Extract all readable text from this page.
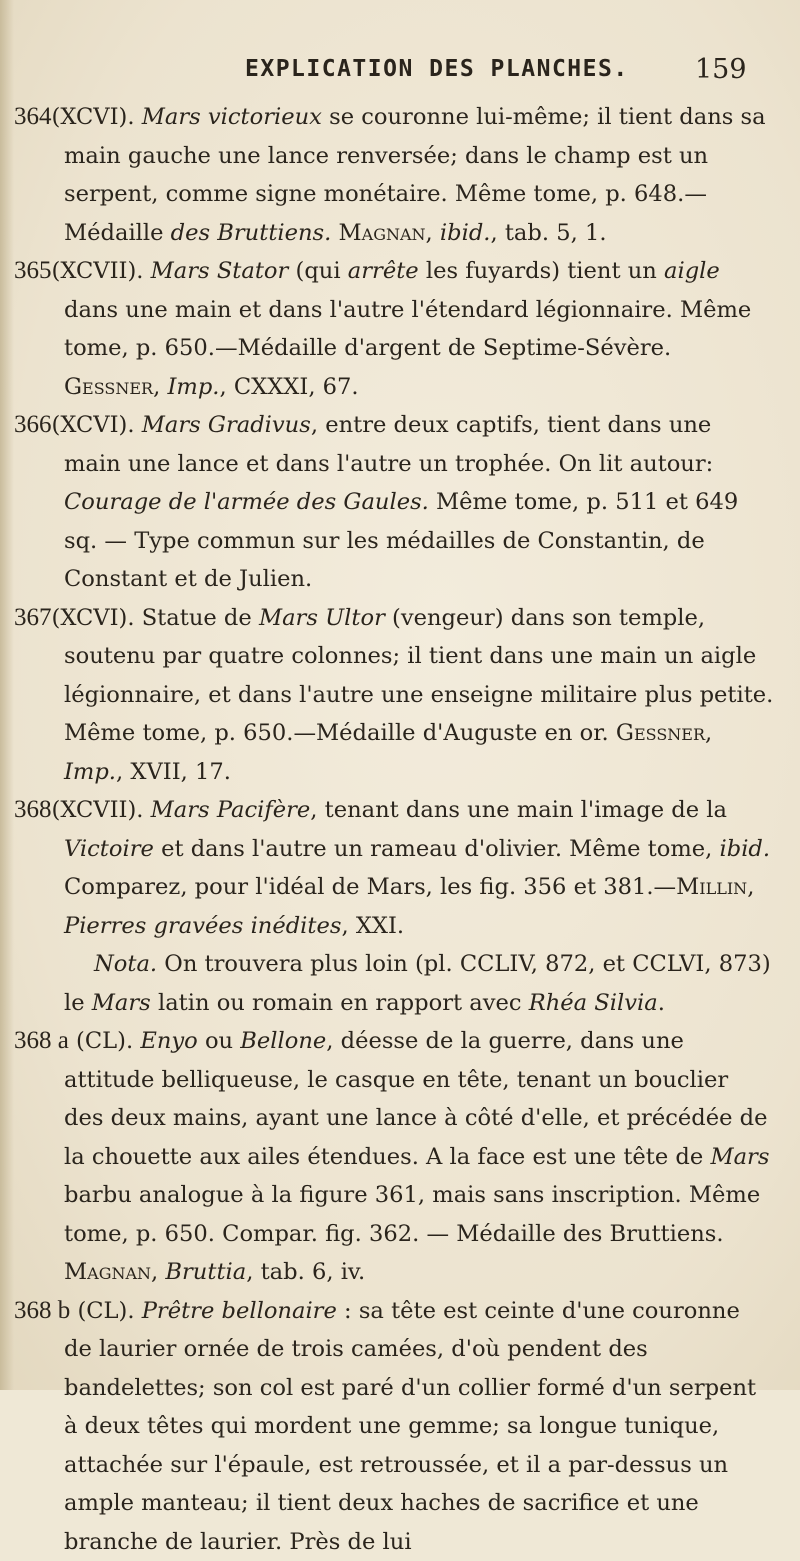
EXPLICATION DES PLANCHES. 159

364(XCVI). Mars victorieux se couronne lui-même; il tient dans sa main gauche une lance renversée; dans le champ est un serpent, comme signe monétaire. Même tome, p. 648.—Médaille des Bruttiens. Magnan, ibid., tab. 5, 1.

365(XCVII). Mars Stator (qui arrête les fuyards) tient un aigle dans une main et dans l'autre l'étendard légionnaire. Même tome, p. 650.—Médaille d'argent de Septime-Sévère. Gessner, Imp., CXXXI, 67.

366(XCVI). Mars Gradivus, entre deux captifs, tient dans une main une lance et dans l'autre un trophée. On lit autour: Courage de l'armée des Gaules. Même tome, p. 511 et 649 sq. — Type commun sur les médailles de Constantin, de Constant et de Julien.

367(XCVI). Statue de Mars Ultor (vengeur) dans son temple, soutenu par quatre colonnes; il tient dans une main un aigle légionnaire, et dans l'autre une enseigne militaire plus petite. Même tome, p. 650.—Médaille d'Auguste en or. Gessner, Imp., XVII, 17.

368(XCVII). Mars Pacifère, tenant dans une main l'image de la Victoire et dans l'autre un rameau d'olivier. Même tome, ibid. Comparez, pour l'idéal de Mars, les fig. 356 et 381.—Millin, Pierres gravées inédites, XXI.

Nota. On trouvera plus loin (pl. CCLIV, 872, et CCLVI, 873) le Mars latin ou romain en rapport avec Rhéa Silvia.

368 a (CL). Enyo ou Bellone, déesse de la guerre, dans une attitude belliqueuse, le casque en tête, tenant un bouclier des deux mains, ayant une lance à côté d'elle, et précédée de la chouette aux ailes étendues. A la face est une tête de Mars barbu analogue à la figure 361, mais sans inscription. Même tome, p. 650. Compar. fig. 362. — Médaille des Bruttiens. Magnan, Bruttia, tab. 6, iv.

368 b (CL). Prêtre bellonaire : sa tête est ceinte d'une couronne de laurier ornée de trois camées, d'où pendent des bandelettes; son col est paré d'un collier formé d'un serpent à deux têtes qui mordent une gemme; sa longue tunique, attachée sur l'épaule, est retroussée, et il a par-dessus un ample manteau; il tient deux haches de sacrifice et une branche de laurier. Près de lui
